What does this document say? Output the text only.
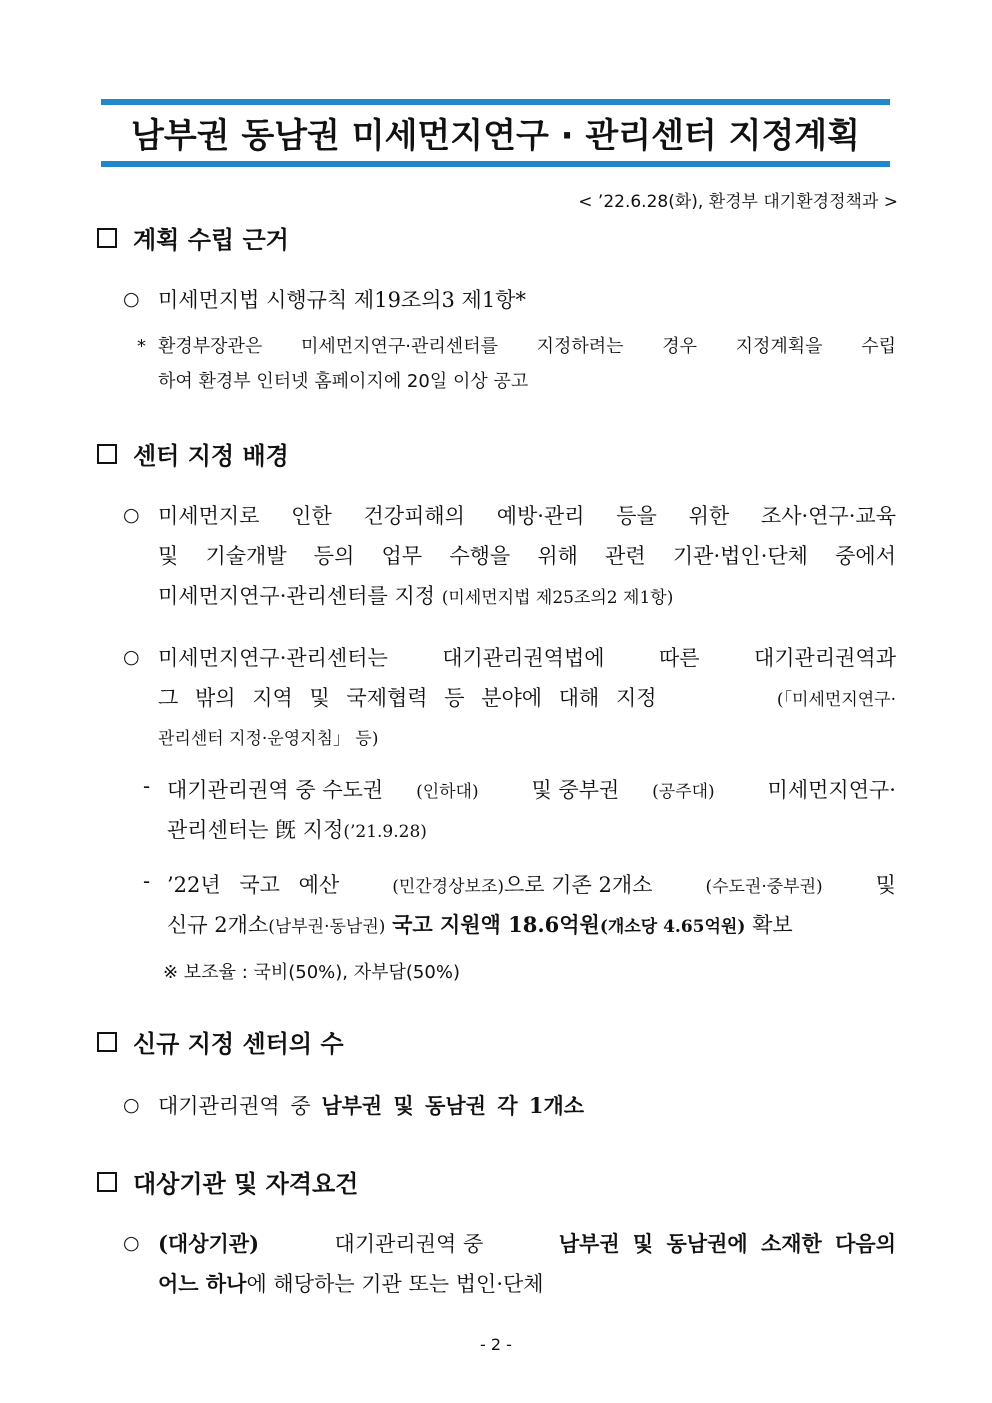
남부권 동남권 미세먼지연구 · 관리센터 지정계획
< ’22.6.28(화), 환경부 대기환경정책과 >
계획 수립 근거
○ 미세먼지법 시행규칙 제19조의3 제1항*
* 환경부장관은 미세먼지연구·관리센터를 지정하려는 경우 지정계획을 수립
하여 환경부 인터넷 홈페이지에 20일 이상 공고
센터 지정 배경
○ 미세먼지로 인한 건강피해의 예방·관리 등을 위한 조사·연구·교육
및 기술개발 등의 업무 수행을 위해 관련 기관·법인·단체 중에서
미세먼지연구·관리센터를 지정 (미세먼지법 제25조의2 제1항)
○ 미세먼지연구·관리센터는 대기관리권역법에 따른 대기관리권역과
그 밖의 지역 및 국제협력 등 분야에 대해 지정	(「미세먼지연구·
관리센터 지정·운영지침」 등)
- 대기관리권역 중 수도권 (인하대)	및 중부권 (공주대)	미세먼지연구·
관리센터는 旣 지정(’21.9.28)
- ’22년 국고 예산	(민간경상보조) 으로 기존 2개소	(수도권·중부권)	및
신규 2개소(남부권·동남권) 국고 지원액 18.6억원(개소당 4.65억원) 확보
※ 보조율 : 국비(50%), 자부담(50%)
신규 지정 센터의 수
○ 대기관리권역 중 남부권 및 동남권 각 1개소
대상기관 및 자격요건
○ (대상기관)	대기관리권역 중	남부권 및 동남권에 소재한 다음의
어느 하나에 해당하는 기관 또는 법인·단체
- 2 -
